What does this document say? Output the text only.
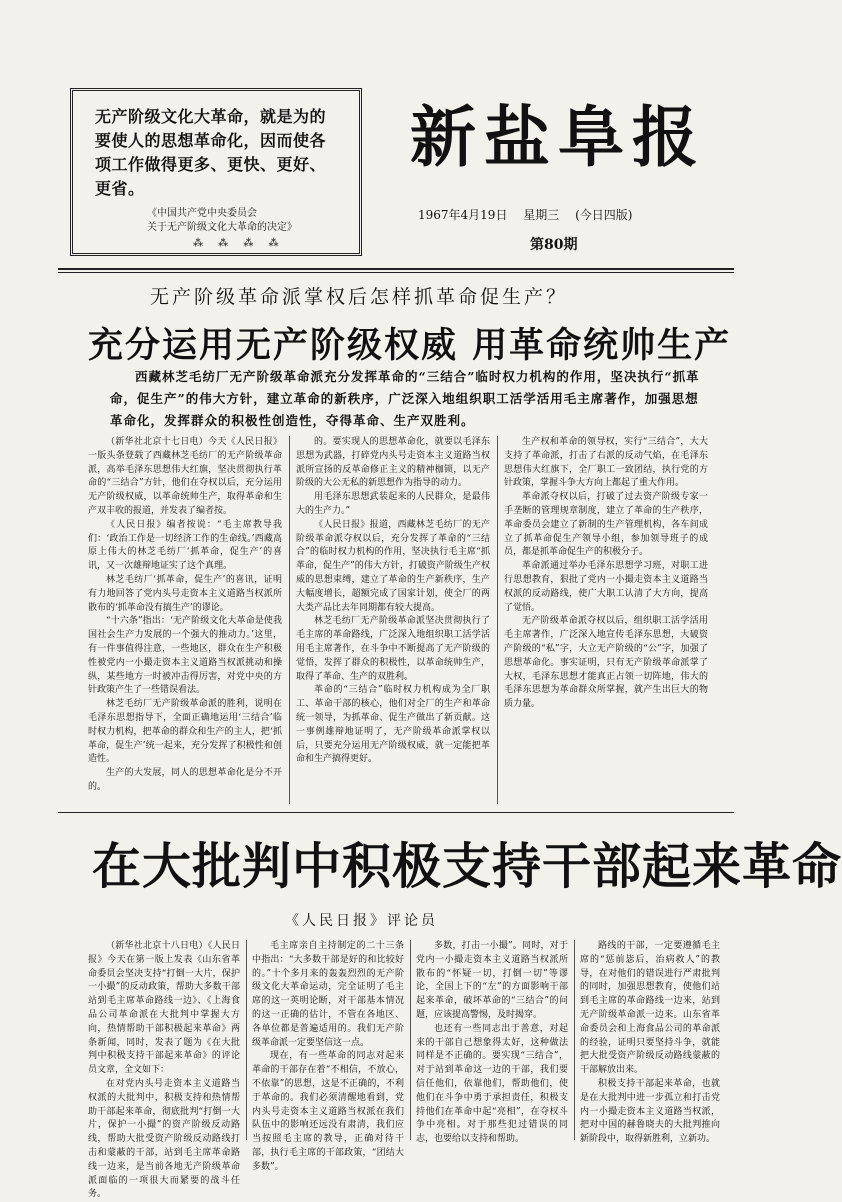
无产阶级文化大革命，就是为的要使人的思想革命化，因而使各项工作做得更多、更快、更好、更省。
《中国共产党中央委员会
关于无产阶级文化大革命的决定》
⁂ ⁂ ⁂ ⁂
新盐阜报
1967年4月19日 星期三 (今日四版)
第80期
无产阶级革命派掌权后怎样抓革命促生产？
充分运用无产阶级权威 用革命统帅生产
西藏林芝毛纺厂无产阶级革命派充分发挥革命的“三结合”临时权力机构的作用，坚决执行“抓革命，促生产”的伟大方针，建立革命的新秩序，广泛深入地组织职工活学活用毛主席著作，加强思想革命化，发挥群众的积极性创造性，夺得革命、生产双胜利。

（新华社北京十七日电）今天《人民日报》一版头条登载了西藏林芝毛纺厂的无产阶级革命派，高举毛泽东思想伟大红旗，坚决贯彻执行革命的“三结合”方针，他们在夺权以后，充分运用无产阶级权威，以革命统帅生产，取得革命和生产双丰收的报道，并发表了编者按。

《人民日报》编者按说：“毛主席教导我们：‘政治工作是一切经济工作的生命线。’西藏高原上伟大的林芝毛纺厂‘抓革命，促生产’的喜讯，又一次雄辩地证实了这个真理。

林芝毛纺厂‘抓革命，促生产’的喜讯，证明有力地回答了党内头号走资本主义道路当权派所散布的‘抓革命没有搞生产’的谬论。

“十六条”指出：‘无产阶级文化大革命是使我国社会生产力发展的一个强大的推动力。’这里，有一件事值得注意，一些地区，群众在生产积极性被党内一小撮走资本主义道路当权派挑动和操纵，某些地方一时被冲击得厉害，对党中央的方针政策产生了一些错误看法。

林芝毛纺厂无产阶级革命派的胜利，说明在毛泽东思想指导下，全面正确地运用‘三结合’临时权力机构，把革命的群众和生产的主人，把‘抓革命，促生产’统一起来，充分发挥了积极性和创造性。

生产的大发展，同人的思想革命化是分不开的。

的。要实现人的思想革命化，就要以毛泽东思想为武器，打碎党内头号走资本主义道路当权派所宣扬的反革命修正主义的精神枷锁，以无产阶级的大公无私的新思想作为指导的动力。

用毛泽东思想武装起来的人民群众，是最伟大的生产力。”

《人民日报》报道，西藏林芝毛纺厂的无产阶级革命派夺权以后，充分发挥了革命的“三结合”的临时权力机构的作用，坚决执行毛主席“抓革命，促生产”的伟大方针，打破资产阶级生产权威的思想束缚，建立了革命的生产新秩序，生产大幅度增长，超额完成了国家计划，使全厂的两大类产品比去年同期都有较大提高。

林芝毛纺厂无产阶级革命派坚决贯彻执行了毛主席的革命路线，广泛深入地组织职工活学活用毛主席著作，在斗争中不断提高了无产阶级的觉悟，发挥了群众的积极性，以革命统帅生产，取得了革命、生产的双胜利。

革命的“三结合”临时权力机构成为全厂职工、革命干部的核心，他们对全厂的生产和革命统一领导，为抓革命、促生产做出了新贡献。这一事例雄辩地证明了，无产阶级革命派掌权以后，只要充分运用无产阶级权威，就一定能把革命和生产搞得更好。

生产权和革命的领导权，实行“三结合”，大大支持了革命派，打击了右派的反动气焰，在毛泽东思想伟大红旗下，全厂职工一致团结，执行党的方针政策，掌握斗争大方向上都起了重大作用。

革命派夺权以后，打破了过去资产阶级专家一手垄断的管理规章制度，建立了革命的生产秩序，革命委员会建立了新制的生产管理机构，各车间成立了抓革命促生产领导小组，参加领导班子的成员，都是抓革命促生产的积极分子。

革命派通过举办毛泽东思想学习班，对职工进行思想教育，狠批了党内一小撮走资本主义道路当权派的反动路线，使广大职工认清了大方向，提高了觉悟。

无产阶级革命派夺权以后，组织职工活学活用毛主席著作，广泛深入地宣传毛泽东思想，大破资产阶级的“私”字，大立无产阶级的“公”字，加强了思想革命化。事实证明，只有无产阶级革命派掌了大权，毛泽东思想才能真正占领一切阵地，伟大的毛泽东思想为革命群众所掌握，就产生出巨大的物质力量。

在大批判中积极支持干部起来革命
《人民日报》评论员

（新华社北京十八日电）《人民日报》今天在第一版上发表《山东省革命委员会坚决支持“打倒一大片，保护一小撮”的反动政策，帮助大多数干部站到毛主席革命路线一边》、《上海食品公司革命派在大批判中掌握大方向，热情帮助干部积极起来革命》两条新闻，同时，发表了题为《在大批判中积极支持干部起来革命》的评论员文章，全文如下：

在对党内头号走资本主义道路当权派的大批判中，积极支持和热情帮助干部起来革命，彻底批判“打倒一大片，保护一小撮”的资产阶级反动路线，帮助大批受资产阶级反动路线打击和蒙蔽的干部，站到毛主席革命路线一边来，是当前各地无产阶级革命派面临的一项很大而紧要的战斗任务。

毛主席亲自主持制定的二十三条中指出：“大多数干部是好的和比较好的。”十个多月来的轰轰烈烈的无产阶级文化大革命运动，完全证明了毛主席的这一英明论断，对干部基本情况的这一正确的估计，不管在各地区、各单位都是普遍适用的。我们无产阶级革命派一定要坚信这一点。

现在，有一些革命的同志对起来革命的干部存在着“不相信，不放心，不依靠”的思想，这是不正确的，不利于革命的。我们必须清醒地看到，党内头号走资本主义道路当权派在我们队伍中的影响还远没有肃清，我们应当按照毛主席的教导，正确对待干部，执行毛主席的干部政策，“团结大多数”。

多数，打击一小撮”。同时，对于党内一小撮走资本主义道路当权派所散布的“怀疑一切，打倒一切”等谬论，全国上下的“左”的方面影响干部起来革命，破坏革命的“三结合”的问题，应该提高警惕，及时揭穿。

也还有一些同志出于善意，对起来的干部自己想象得太好，这种做法同样是不正确的。要实现“三结合”，对于站到革命这一边的干部，我们要信任他们，依靠他们，帮助他们，使他们在斗争中勇于承担责任，积极支持他们在革命中起“亮相”，在夺权斗争中亮相。对于那些犯过错误的同志，也要给以支持和帮助。

路线的干部，一定要遵循毛主席的“惩前毖后，治病救人”的教导，在对他们的错误进行严肃批判的同时，加强思想教育，使他们站到毛主席的革命路线一边来，站到无产阶级革命派一边来。山东省革命委员会和上海食品公司的革命派的经验，证明只要坚持斗争，就能把大批受资产阶级反动路线蒙蔽的干部解放出来。

积极支持干部起来革命，也就是在大批判中进一步孤立和打击党内一小撮走资本主义道路当权派，把对中国的赫鲁晓夫的大批判推向新阶段中，取得新胜利，立新功。
